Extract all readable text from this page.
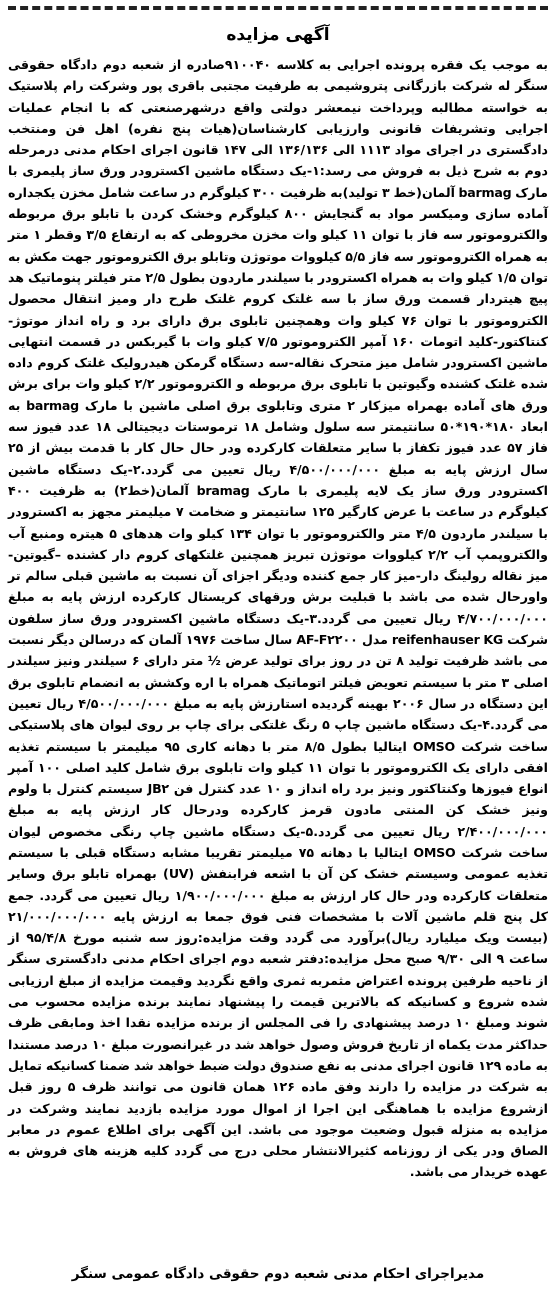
آگهی مزایده
به موجب یک فقره پرونده اجرایی به کلاسه ۹۱۰۰۴۰صادره از شعبه دوم دادگاه حقوقی سنگر له شرکت بازرگانی پتروشیمی به طرفیت مجتبی باقری پور وشرکت رام پلاستیک به خواسته مطالبه وپرداخت نیمعشر دولتی واقع درشهرصنعتی که با انجام عملیات اجرایی وتشریفات قانونی وارزیابی کارشناسان(هیات پنج نفره) اهل فن ومنتخب دادگستری در اجرای مواد ۱۱۱۳ الی ۱۳۶/۱۳۶ الی ۱۴۷ قانون اجرای احکام مدنی درمرحله دوم به شرح ذیل به فروش می رسد:۱-یک دستگاه ماشین اکسترودر ورق ساز پلیمری با مارک barmag آلمان(خط ۳ تولید)به ظرفیت ۳۰۰ کیلوگرم در ساعت شامل مخزن یکجداره آماده سازی ومیکسر مواد به گنجایش ۸۰۰ کیلوگرم وخشک کردن با تابلو برق مربوطه والکتروموتور سه فاز با توان ۱۱ کیلو وات مخزن مخروطی که به ارتفاع ۳/۵ وقطر ۱ متر به همراه الکتروموتور سه فاز ۵/۵ کیلووات موتوژن وتابلو برق الکتروموتور جهت مکش به توان ۱/۵ کیلو وات به همراه اکسترودر با سیلندر ماردون بطول ۲/۵ متر فیلتر پنوماتیک هد پیچ هیتردار قسمت ورق ساز با سه غلتک کروم غلتک طرح دار ومیز انتقال محصول الکتروموتور با توان ۷۶ کیلو وات وهمچنین تابلوی برق دارای برد و راه انداز موتوژ-کنتاکتور-کلید اتومات ۱۶۰ آمپر الکتروموتور ۷/۵ کیلو وات با گیربکس در قسمت انتهایی ماشین اکسترودر شامل میز متحرک نقاله-سه دستگاه گرمکن هیدرولیک غلتک کروم داده شده غلتک کشنده وگیوتین با تابلوی برق مربوطه و الکتروموتور ۲/۲ کیلو وات برای برش ورق های آماده بهمراه میزکار ۲ متری وتابلوی برق اصلی ماشین با مارک barmag به ابعاد ۱۸۰*۱۹۰*۵۰ سانتیمتر سه سلول وشامل ۱۸ ترموستات دیجیتالی ۱۸ عدد فیوز سه فاز ۵۷ عدد فیوز تکفاز با سایر متعلقات کارکرده ودر حال حال کار با قدمت بیش از ۲۵ سال ارزش پایه به مبلغ ۴/۵۰۰/۰۰۰/۰۰۰ ریال تعیین می گردد.۲-یک دستگاه ماشین اکسترودر ورق ساز یک لایه پلیمری با مارک bramag آلمان(خط۲) به ظرفیت ۴۰۰ کیلوگرم در ساعت با عرض کارگیر ۱۲۵ سانتیمتر و ضخامت ۷ میلیمتر مجهز به اکسترودر با سیلندر ماردون ۴/۵ متر والکتروموتور با توان ۱۳۴ کیلو وات هدهای ۵ هیتره ومنبع آب والکتروپمپ آب ۲/۲ کیلووات موتوژن تبریز همچنین غلتکهای کروم دار کشنده –گیوتین-میز نقاله رولینگ دار-میز کار جمع کننده ودیگر اجزای آن نسبت به ماشین قبلی سالم تر واورحال شده می باشد با قبلیت برش ورقهای کریستال کارکرده ارزش پایه به مبلغ ۴/۷۰۰/۰۰۰/۰۰۰ ریال تعیین می گردد.۳-یک دستگاه ماشین اکسترودر ورق ساز سلفون شرکت reifenhauser KG مدل AF-F۲۲۰۰ سال ساخت ۱۹۷۶ آلمان که درسالن دیگر نسبت می باشد ظرفیت تولید ۸ تن در روز برای تولید عرض ½ متر دارای ۶ سیلندر ونیز سیلندر اصلی ۳ متر با سیستم تعویض فیلتر اتوماتیک همراه با اره وکشش به انضمام تابلوی برق این دستگاه در سال ۲۰۰۶ بهینه گردیده استارزش پایه به مبلغ ۴/۵۰۰/۰۰۰/۰۰۰ ریال تعیین می گردد.۴-یک دستگاه ماشین چاپ ۵ رنگ غلتکی برای چاپ بر روی لیوان های پلاستیکی ساخت شرکت OMSO ایتالیا بطول ۸/۵ متر با دهانه کاری ۹۵ میلیمتر با سیستم تغذیه افقی دارای یک الکتروموتور با توان ۱۱ کیلو وات تابلوی برق شامل کلید اصلی ۱۰۰ آمپر انواع فیوزها وکنتاکتور ونیز برد راه انداز و ۱۰ عدد کنترل فن JB۲ سیستم کنترل با ولوم ونیز خشک کن المنتی مادون قرمز کارکرده ودرحال کار ارزش پایه به مبلغ ۲/۴۰۰/۰۰۰/۰۰۰ ریال تعیین می گردد.۵-یک دستگاه ماشین چاپ رنگی مخصوص لیوان ساخت شرکت OMSO ایتالیا با دهانه ۷۵ میلیمتر تقریبا مشابه دستگاه قبلی با سیستم تغذیه عمومی وسیستم خشک کن آن با اشعه فرابنفش (UV) بهمراه تابلو برق وسایر متعلقات کارکرده ودر حال کار ارزش به مبلغ ۱/۹۰۰/۰۰۰/۰۰۰ ریال تعیین می گردد. جمع کل پنج قلم ماشین آلات با مشخصات فنی فوق جمعا به ارزش پایه ۲۱/۰۰۰/۰۰۰/۰۰۰ (بیست ویک میلیارد ریال)برآورد می گردد وقت مزایده:روز سه شنبه مورخ ۹۵/۴/۸ از ساعت ۹ الی ۹/۳۰ صبح محل مزایده:دفتر شعبه دوم اجرای احکام مدنی دادگستری سنگر از ناحیه طرفین پرونده اعتراض مثمربه ثمری واقع نگردید وقیمت مزایده از مبلغ ارزیابی شده شروع و کسانیکه که بالاترین قیمت را پیشنهاد نمایند برنده مزایده محسوب می شوند ومبلغ ۱۰ درصد پیشنهادی را فی المجلس از برنده مزایده نقدا اخذ ومابقی ظرف حداکثر مدت یکماه از تاریخ فروش وصول خواهد شد در غیرانصورت مبلغ ۱۰ درصد مستندا به ماده ۱۲۹ قانون اجرای مدنی به نفع صندوق دولت ضبط خواهد شد ضمنا کسانیکه تمایل به شرکت در مزایده را دارند وفق ماده ۱۲۶ همان قانون می توانند ظرف ۵ روز قبل ازشروع مزایده با هماهنگی این اجرا از اموال مورد مزایده بازدید نمایند وشرکت در مزایده به منزله قبول وضعیت موجود می باشد. این آگهی برای اطلاع عموم در معابر الصاق ودر یکی از روزنامه کثیرالانتشار محلی درج می گردد کلیه هزینه های فروش به عهده خریدار می باشد.
مدیراجرای احکام مدنی شعبه دوم حقوقی دادگاه عمومی سنگر
